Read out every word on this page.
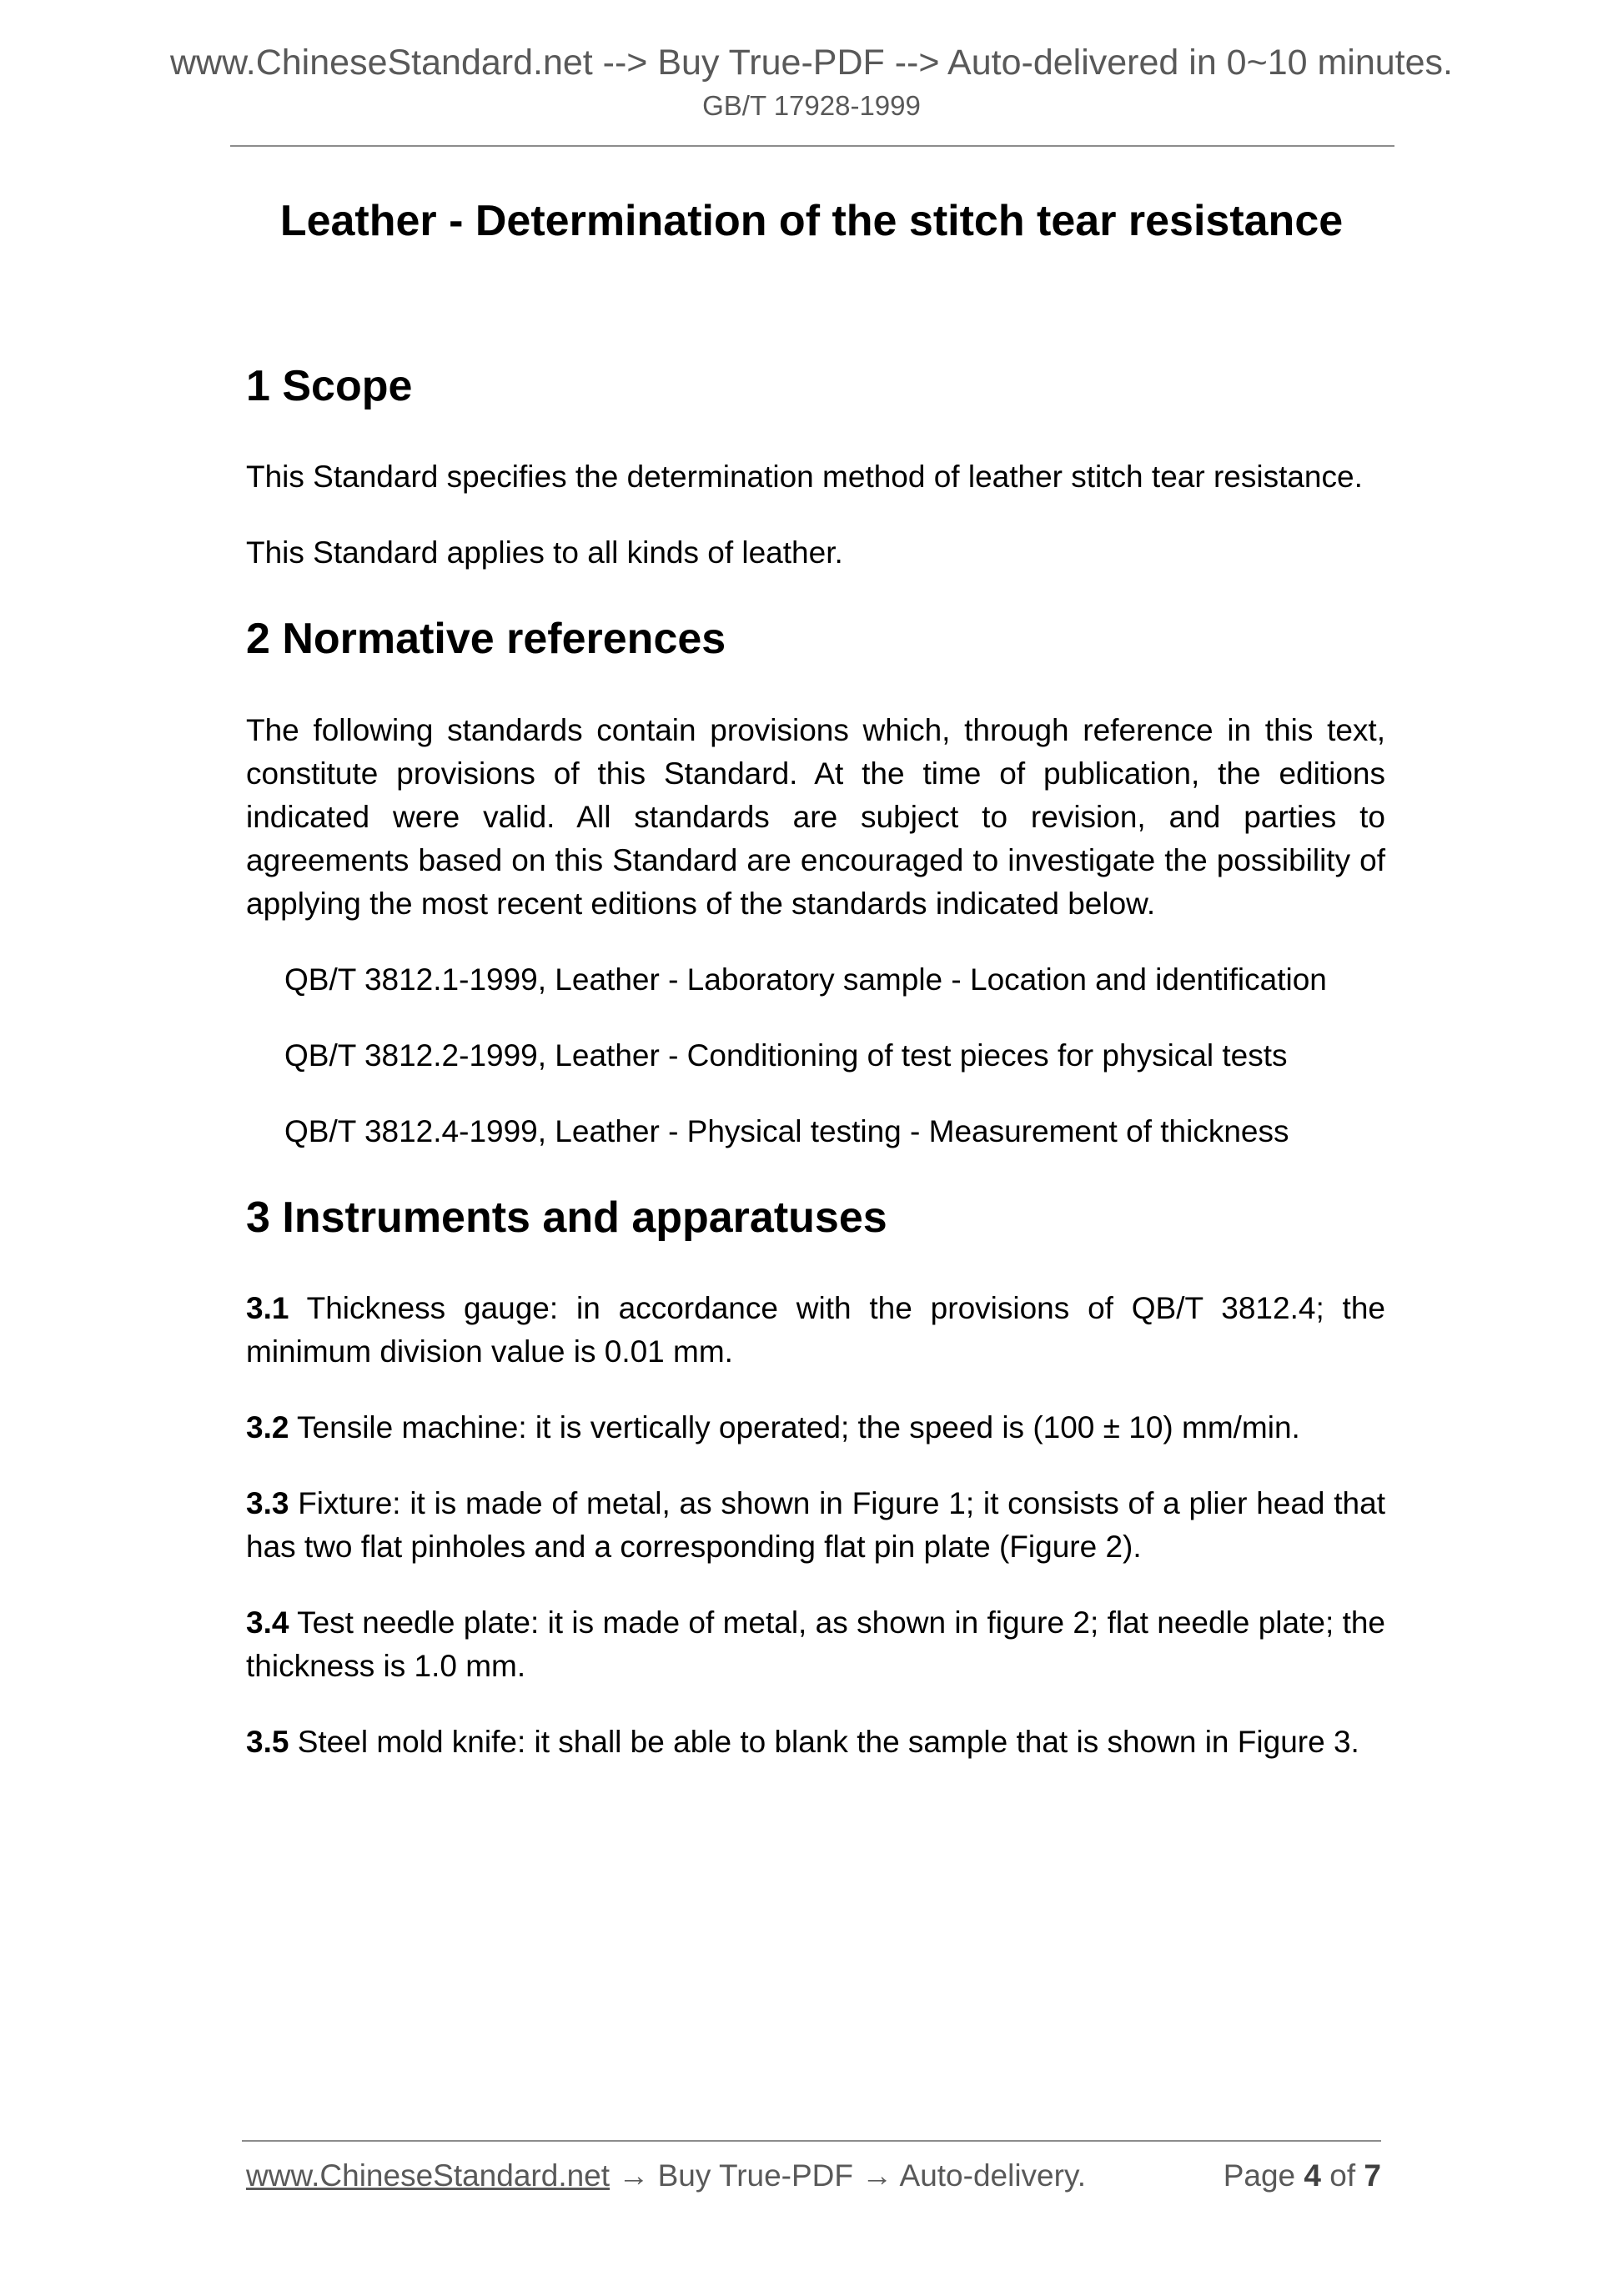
www.ChineseStandard.net --> Buy True-PDF --> Auto-delivered in 0~10 minutes.
GB/T 17928-1999
Leather - Determination of the stitch tear resistance
1 Scope

This Standard specifies the determination method of leather stitch tear resistance.

This Standard applies to all kinds of leather.

2 Normative references

The following standards contain provisions which, through reference in this text, constitute provisions of this Standard. At the time of publication, the editions indicated were valid. All standards are subject to revision, and parties to agreements based on this Standard are encouraged to investigate the possibility of applying the most recent editions of the standards indicated below.

QB/T 3812.1-1999, Leather - Laboratory sample - Location and identification

QB/T 3812.2-1999, Leather - Conditioning of test pieces for physical tests

QB/T 3812.4-1999, Leather - Physical testing - Measurement of thickness

3 Instruments and apparatuses

3.1 Thickness gauge: in accordance with the provisions of QB/T 3812.4; the minimum division value is 0.01 mm.

3.2 Tensile machine: it is vertically operated; the speed is (100 ± 10) mm/min.

3.3 Fixture: it is made of metal, as shown in Figure 1; it consists of a plier head that has two flat pinholes and a corresponding flat pin plate (Figure 2).

3.4 Test needle plate: it is made of metal, as shown in figure 2; flat needle plate; the thickness is 1.0 mm.

3.5 Steel mold knife: it shall be able to blank the sample that is shown in Figure 3.

www.ChineseStandard.net → Buy True-PDF → Auto-delivery.	Page 4 of 7
